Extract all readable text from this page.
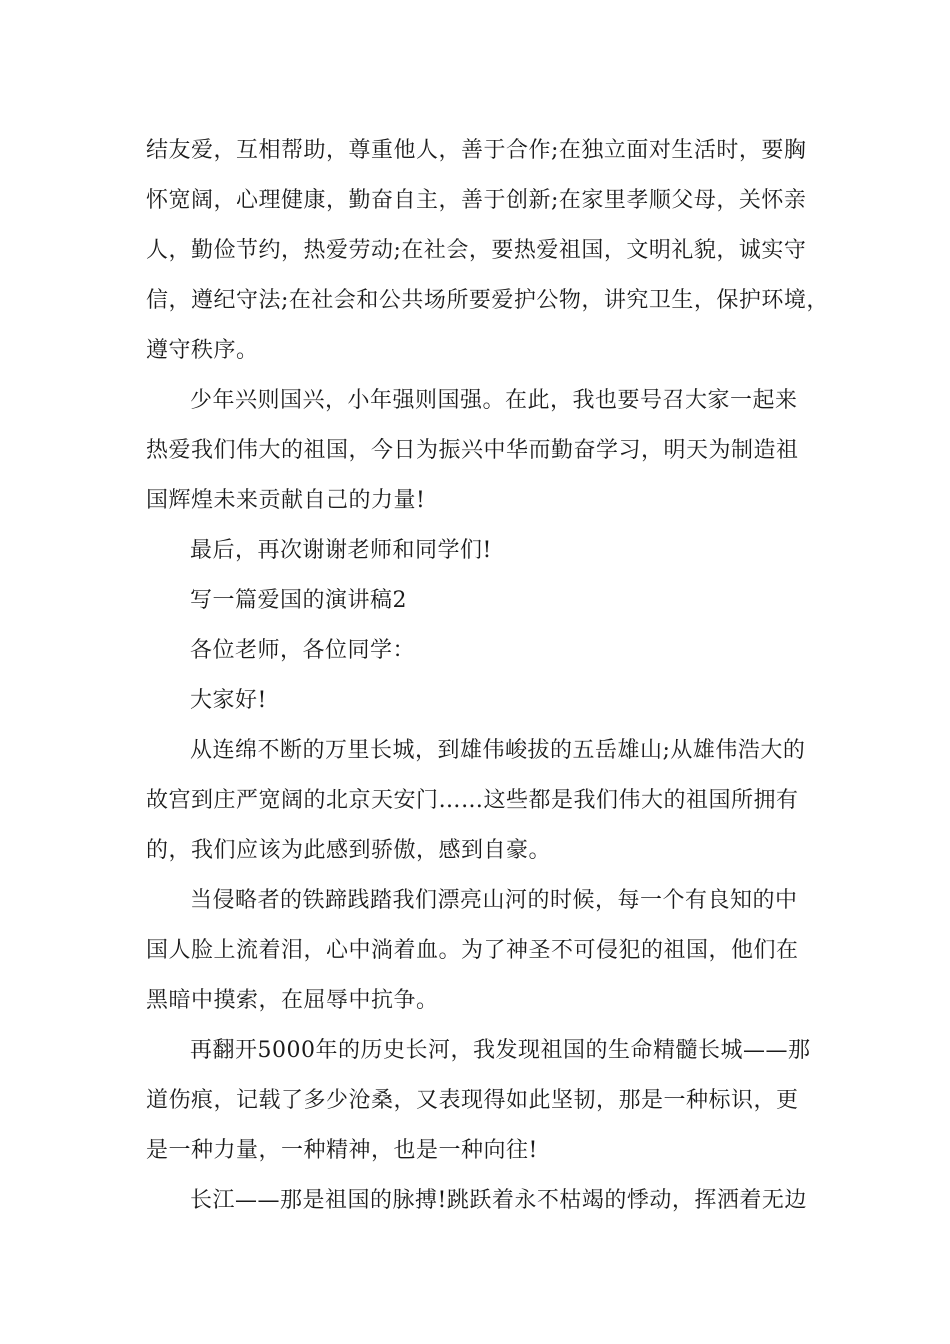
结友爱，互相帮助，尊重他人，善于合作;在独立面对生活时，要胸
怀宽阔，心理健康，勤奋自主，善于创新;在家里孝顺父母，关怀亲
人，勤俭节约，热爱劳动;在社会，要热爱祖国，文明礼貌，诚实守
信，遵纪守法;在社会和公共场所要爱护公物，讲究卫生，保护环境，
遵守秩序。
少年兴则国兴，小年强则国强。在此，我也要号召大家一起来
热爱我们伟大的祖国，今日为振兴中华而勤奋学习，明天为制造祖
国辉煌未来贡献自己的力量!
最后，再次谢谢老师和同学们!
写一篇爱国的演讲稿2
各位老师，各位同学：
大家好!
从连绵不断的万里长城，到雄伟峻拔的五岳雄山;从雄伟浩大的
故宫到庄严宽阔的北京天安门……这些都是我们伟大的祖国所拥有
的，我们应该为此感到骄傲，感到自豪。
当侵略者的铁蹄践踏我们漂亮山河的时候，每一个有良知的中
国人脸上流着泪，心中淌着血。为了神圣不可侵犯的祖国，他们在
黑暗中摸索，在屈辱中抗争。
再翻开5000年的历史长河，我发现祖国的生命精髓长城——那
道伤痕，记载了多少沧桑，又表现得如此坚韧，那是一种标识，更
是一种力量，一种精神，也是一种向往!
长江——那是祖国的脉搏!跳跃着永不枯竭的悸动，挥洒着无边
